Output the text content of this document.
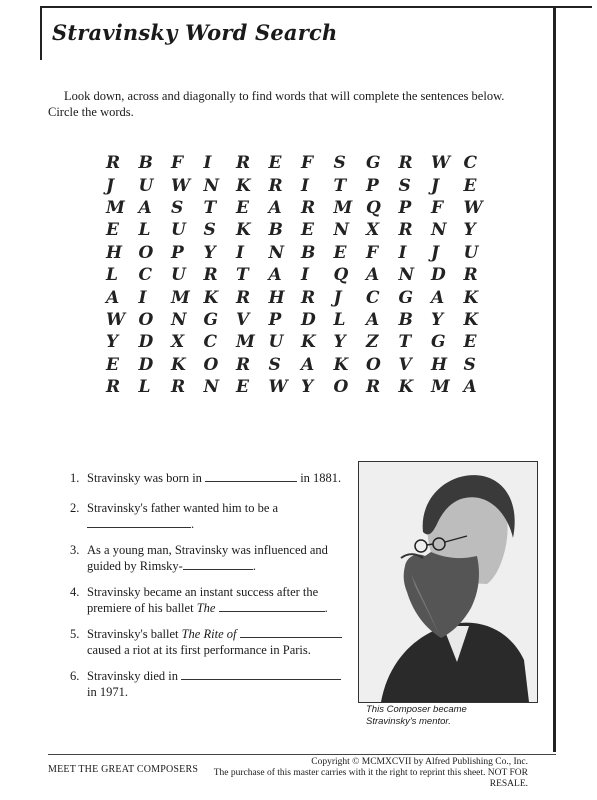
Stravinsky Word Search
Look down, across and diagonally to find words that will complete the sentences below. Circle the words.
R	B	F	I	R	E	F	S	G	R	W C
J	U	W N K	R	I	T	P	S	J	E
M A	S	T	E	A	R	M Q	P	F	W
E	L	U	S	K	B	E	N X	R	N Y
H O	P	Y	I	N B	E	F	I	J	U
L	C	U	R	T	A	I	Q	A	N D	R
A	I	M K	R	H R	J	C	G	A	K
W O	N G	V	P	D	L	A	B	Y	K
Y	D	X	C	M U	K	Y	Z	T	G	E
E	D	K	O	R	S	A	K	O	V	H S
R	L	R	N E	W Y	O	R	K	M A
1. Stravinsky was born in	in 1881.
2. Stravinsky's father wanted him to be a
.
3. As a young man, Stravinsky was influenced and guided by Rimsky-	.
4. Stravinsky became an instant success after the premiere of his ballet The	.
5. Stravinsky's ballet The Rite of
caused a riot at its first performance in Paris.
6. Stravinsky died in
in 1971.
This Composer became
Stravinsky's mentor.
MEET THE GREAT COMPOSERS
Copyright © MCMXCVII by Alfred Publishing Co., Inc.
The purchase of this master carries with it the right to reprint this sheet. NOT FOR RESALE.
